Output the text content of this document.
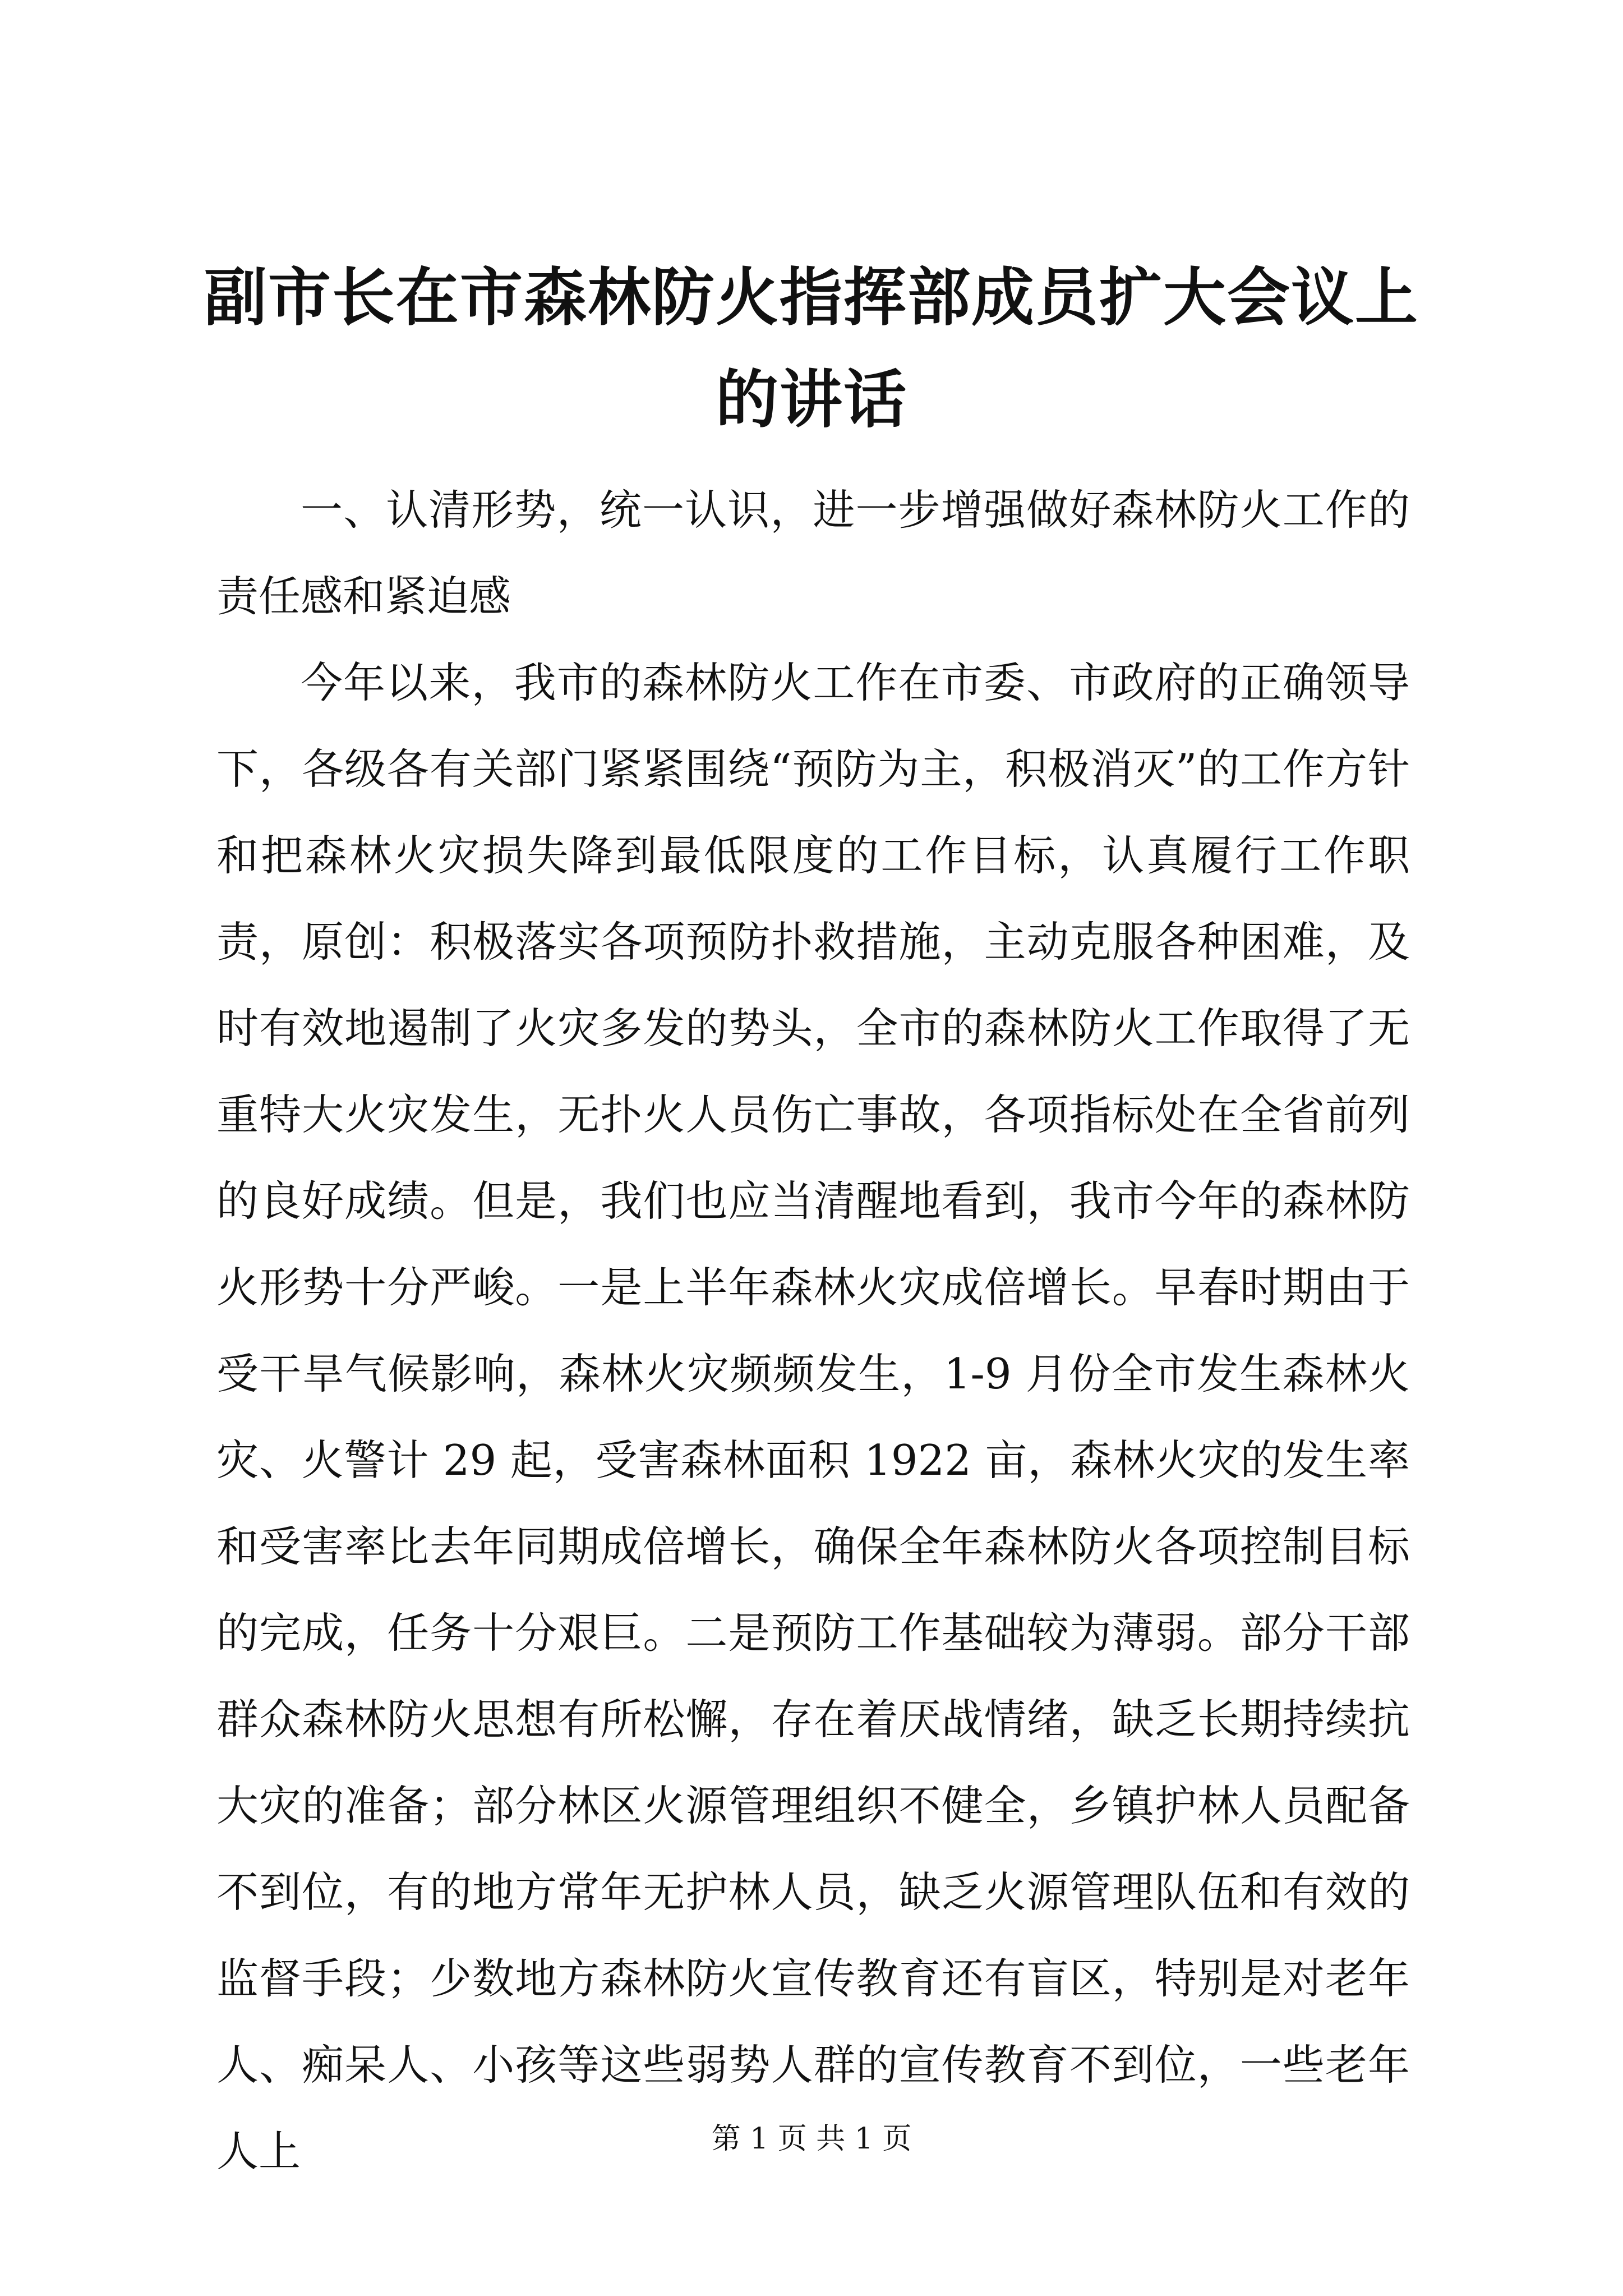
副市长在市森林防火指挥部成员扩大会议上的讲话

一、认清形势，统一认识，进一步增强做好森林防火工作的责任感和紧迫感

今年以来，我市的森林防火工作在市委、市政府的正确领导下，各级各有关部门紧紧围绕“预防为主，积极消灭”的工作方针和把森林火灾损失降到最低限度的工作目标，认真履行工作职责，原创：积极落实各项预防扑救措施，主动克服各种困难，及时有效地遏制了火灾多发的势头，全市的森林防火工作取得了无重特大火灾发生，无扑火人员伤亡事故，各项指标处在全省前列的良好成绩。但是，我们也应当清醒地看到，我市今年的森林防火形势十分严峻。一是上半年森林火灾成倍增长。早春时期由于受干旱气候影响，森林火灾频频发生，1-9 月份全市发生森林火灾、火警计 29 起，受害森林面积 1922 亩，森林火灾的发生率和受害率比去年同期成倍增长，确保全年森林防火各项控制目标的完成，任务十分艰巨。二是预防工作基础较为薄弱。部分干部群众森林防火思想有所松懈，存在着厌战情绪，缺乏长期持续抗大灾的准备；部分林区火源管理组织不健全，乡镇护林人员配备不到位，有的地方常年无护林人员，缺乏火源管理队伍和有效的监督手段；少数地方森林防火宣传教育还有盲区，特别是对老年人、痴呆人、小孩等这些弱势人群的宣传教育不到位，一些老年人上	第 1 页 共 1 页
